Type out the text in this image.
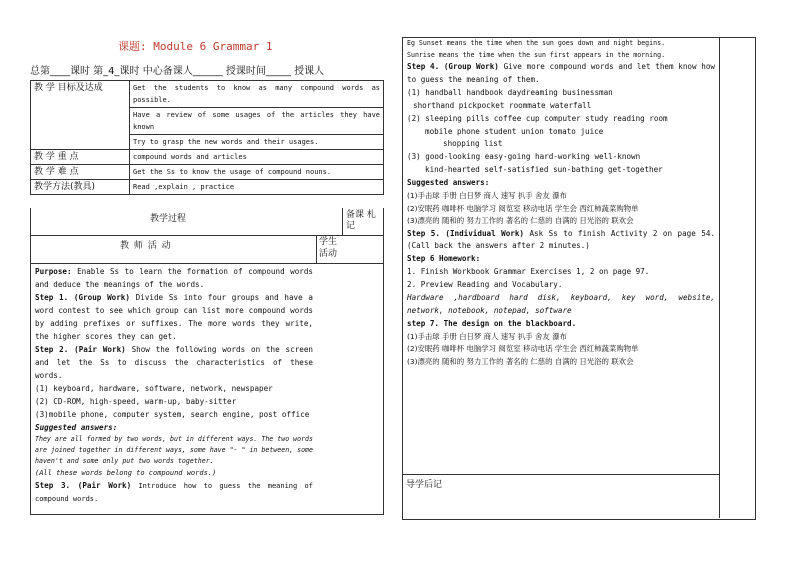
课题: Module 6 Grammar 1
总第____课时 第_4_课时 中心备课人______ 授课时间_____ 授课人
教 学 目标及达成	Get the students to know as many compound words as possible.
	Have a review of some usages of the articles they have known
	Try to grasp the new words and their usages.
教 学 重 点	compound words and articles
教 学 难 点	Get the Ss to know the usage of compound nouns.
教学方法(教具)	Read ,explain , practice
教学过程	备课 札记
教 师 活 动	学生 活动

Purpose: Enable Ss to learn the formation of compound words and deduce the meanings of the words.

Step 1. (Group Work) Divide Ss into four groups and have a word contest to see which group can list more compound words by adding prefixes or suffixes. The more words they write, the higher scores they can get.

Step 2. (Pair Work) Show the following words on the screen and let the Ss to discuss the characteristics of these words.

(1) keyboard, hardware, software, network, newspaper

(2) CD-ROM, high-speed, warm-up, baby-sitter

(3)mobile phone, computer system, search engine, post office

Suggested answers:

They are all formed by two words, but in different ways. The two words are joined together in different ways, some have "- " in between, some haven't and some only put two words together.

(All these words belong to compound words.)

Step 3. (Pair Work) Introduce how to guess the meaning of compound words.

导学后记

Eg Sunset means the time when the sun goes down and night begins.

Sunrise means the time when the sun first appears in the morning.

Step 4. (Group Work) Give more compound words and let them know how to guess the meaning of them.

(1) handball handbook daydreaming businessman

shorthand pickpocket roommate waterfall

(2) sleeping pills coffee cup computer study reading room

mobile phone student union tomato juice

shopping list

(3) good-looking easy-going hard-working well-known

kind-hearted self-satisfied sun-bathing get-together

Suggested answers:

(1)手击球 手册 白日梦 商人 速写 扒手 舍友 瀑布

(2)安眠药 咖啡杯 电脑学习 阅览室 移动电话 学生会 西红柿蔬菜购物单

(3)漂亮的 随和的 努力工作的 著名的 仁慈的 自满的 日光浴的 联欢会

Step 5. (Individual Work) Ask Ss to finish Activity 2 on page 54.(Call back the answers after 2 minutes.)

Step 6 Homework:

1. Finish Workbook Grammar Exercises 1, 2 on page 97.

2. Preview Reading and Vocabulary.

Hardware ,hardboard hard disk, keyboard, key word, website, network, notebook, notepad, software

step 7. The design on the blackboard.

(1)手击球 手册 白日梦 商人 速写 扒手 舍友 瀑布

(2)安眠药 咖啡杯 电脑学习 阅览室 移动电话 学生会 西红柿蔬菜购物单

(3)漂亮的 随和的 努力工作的 著名的 仁慈的 自满的 日光浴的 联欢会
